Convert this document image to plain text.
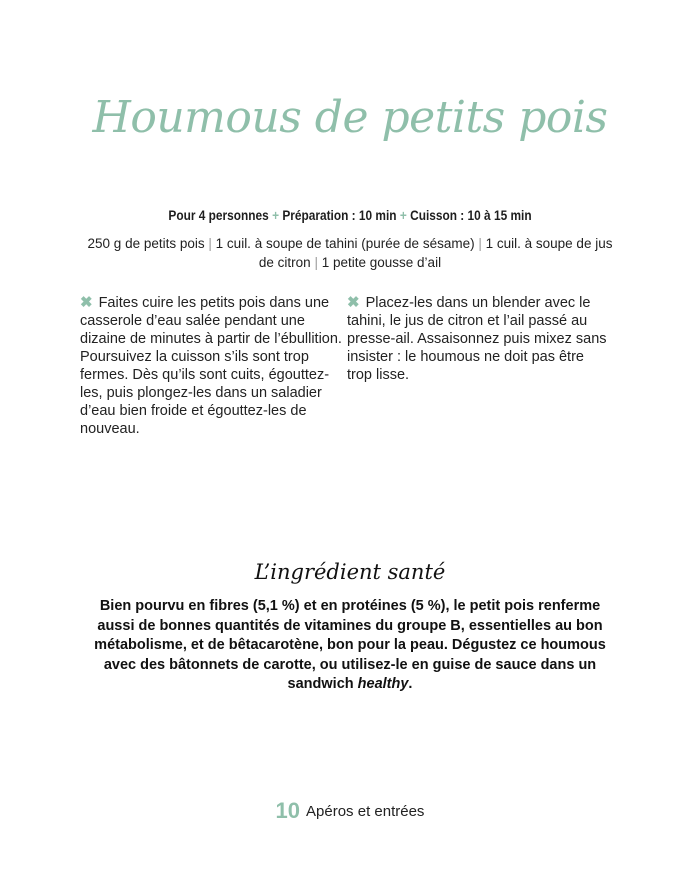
Houmous de petits pois
Pour 4 personnes + Préparation : 10 min + Cuisson : 10 à 15 min
250 g de petits pois | 1 cuil. à soupe de tahini (purée de sésame) | 1 cuil. à soupe de jus de citron | 1 petite gousse d’ail
✖ Faites cuire les petits pois dans une casserole d’eau salée pendant une dizaine de minutes à partir de l’ébullition. Poursuivez la cuisson s’ils sont trop fermes. Dès qu’ils sont cuits, égouttez-les, puis plongez-les dans un saladier d’eau bien froide et égouttez-les de nouveau.
✖ Placez-les dans un blender avec le tahini, le jus de citron et l’ail passé au presse-ail. Assaisonnez puis mixez sans insister : le houmous ne doit pas être trop lisse.
L’ingrédient santé
Bien pourvu en fibres (5,1 %) et en protéines (5 %), le petit pois renferme aussi de bonnes quantités de vitamines du groupe B, essentielles au bon métabolisme, et de bêtacarotène, bon pour la peau. Dégustez ce houmous avec des bâtonnets de carotte, ou utilisez-le en guise de sauce dans un sandwich healthy.
10 Apéros et entrées
